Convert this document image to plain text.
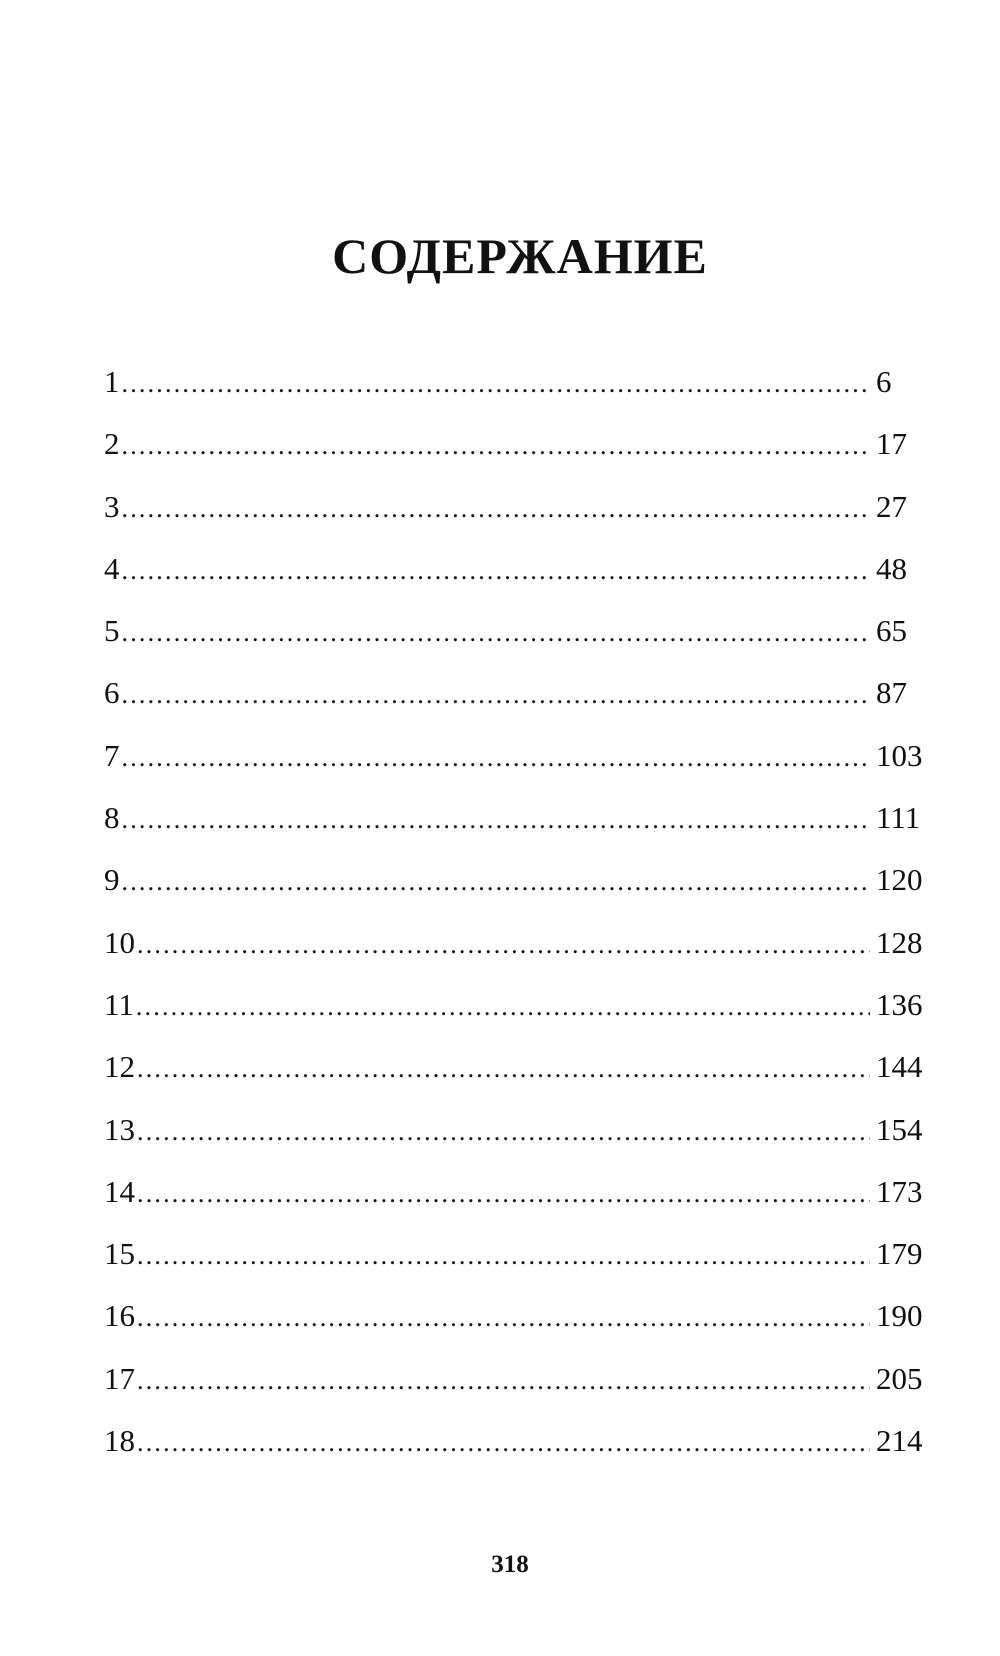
СОДЕРЖАНИЕ
1 .....	6
2 .....	17
3 .....	27
4 .....	48
5 .....	65
6 .....	87
7 .....	103
8 .....	111
9 .....	120
10 .....	128
11 .....	136
12 .....	144
13 .....	154
14 .....	173
15 .....	179
16 .....	190
17 .....	205
18 .....	214
318
